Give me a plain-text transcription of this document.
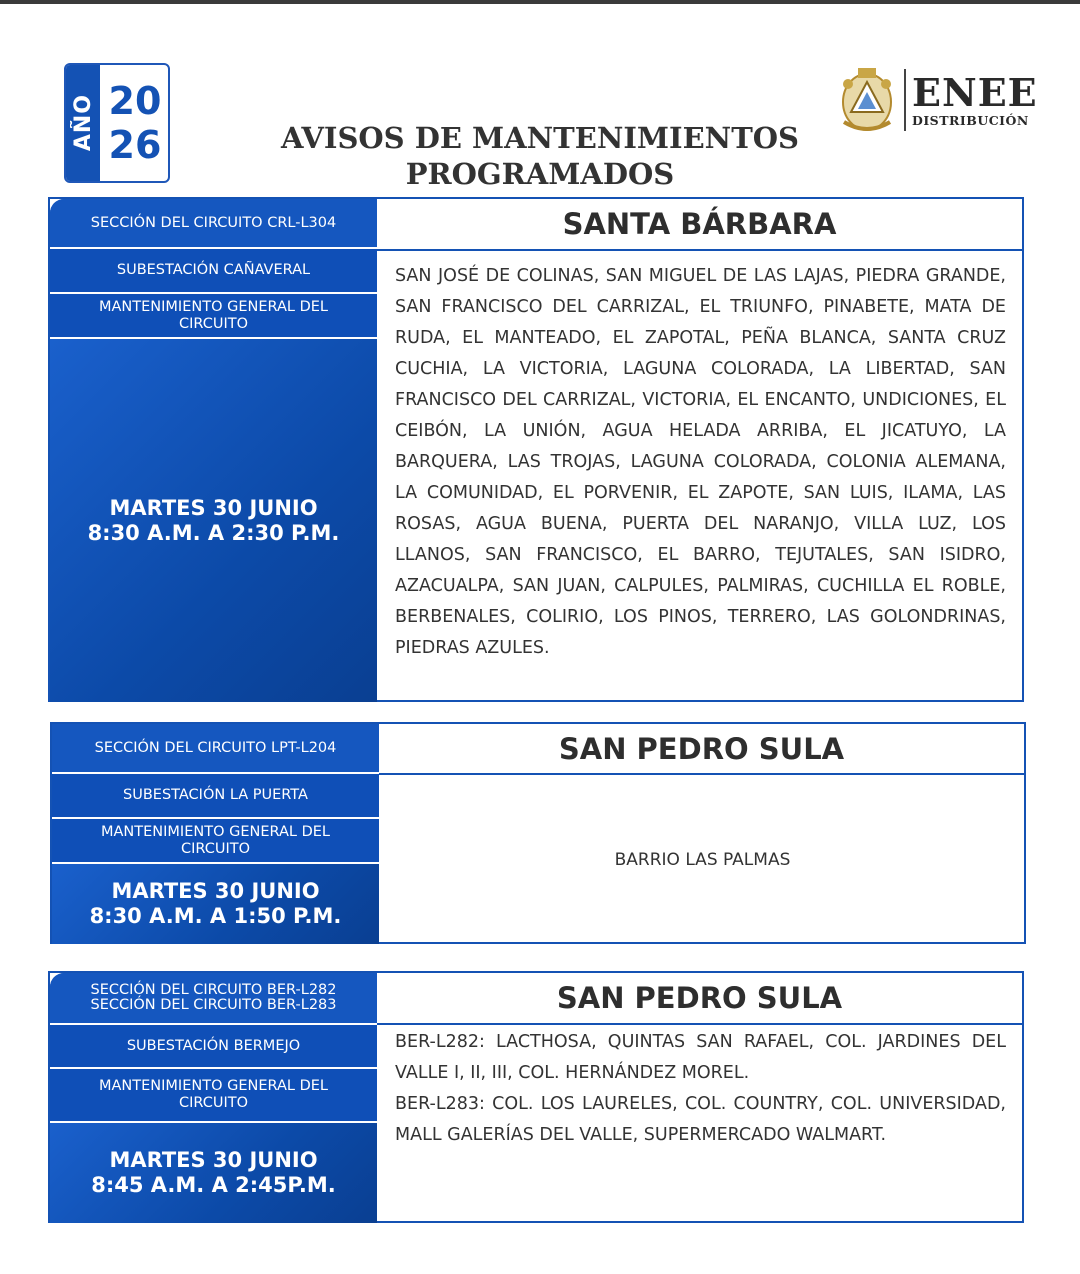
AÑO 20
26	AVISOS DE MANTENIMIENTOS
PROGRAMADOS
ENEE
DISTRIBUCIÓN
SECCIÓN DEL CIRCUITO CRL-L304
SUBESTACIÓN CAÑAVERAL
MANTENIMIENTO GENERAL DEL CIRCUITO
MARTES 30 JUNIO
8:30 A.M. A 2:30 P.M.
SANTA BÁRBARA

SAN JOSÉ DE COLINAS, SAN MIGUEL DE LAS LAJAS, PIEDRA GRANDE, SAN FRANCISCO DEL CARRIZAL, EL TRIUNFO, PINABETE, MATA DE RUDA, EL MANTEADO, EL ZAPOTAL, PEÑA BLANCA, SANTA CRUZ CUCHIA, LA VICTORIA, LAGUNA COLORADA, LA LIBERTAD, SAN FRANCISCO DEL CARRIZAL, VICTORIA, EL ENCANTO, UNDICIONES, EL CEIBÓN, LA UNIÓN, AGUA HELADA ARRIBA, EL JICATUYO, LA BARQUERA, LAS TROJAS, LAGUNA COLORADA, COLONIA ALEMANA, LA COMUNIDAD, EL PORVENIR, EL ZAPOTE, SAN LUIS, ILAMA, LAS ROSAS, AGUA BUENA, PUERTA DEL NARANJO, VILLA LUZ, LOS LLANOS, SAN FRANCISCO, EL BARRO, TEJUTALES, SAN ISIDRO, AZACUALPA, SAN JUAN, CALPULES, PALMIRAS, CUCHILLA EL ROBLE, BERBENALES, COLIRIO, LOS PINOS, TERRERO, LAS GOLONDRINAS, PIEDRAS AZULES.

SECCIÓN DEL CIRCUITO LPT-L204
SUBESTACIÓN LA PUERTA
MANTENIMIENTO GENERAL DEL CIRCUITO
MARTES 30 JUNIO
8:30 A.M. A 1:50 P.M.
SAN PEDRO SULA

BARRIO LAS PALMAS

SECCIÓN DEL CIRCUITO BER-L282
SECCIÓN DEL CIRCUITO BER-L283
SUBESTACIÓN BERMEJO
MANTENIMIENTO GENERAL DEL CIRCUITO
MARTES 30 JUNIO
8:45 A.M. A 2:45P.M.
SAN PEDRO SULA

BER-L282: LACTHOSA, QUINTAS SAN RAFAEL, COL. JARDINES DEL VALLE I, II, III, COL. HERNÁNDEZ MOREL.

BER-L283: COL. LOS LAURELES, COL. COUNTRY, COL. UNIVERSIDAD, MALL GALERÍAS DEL VALLE, SUPERMERCADO WALMART.
